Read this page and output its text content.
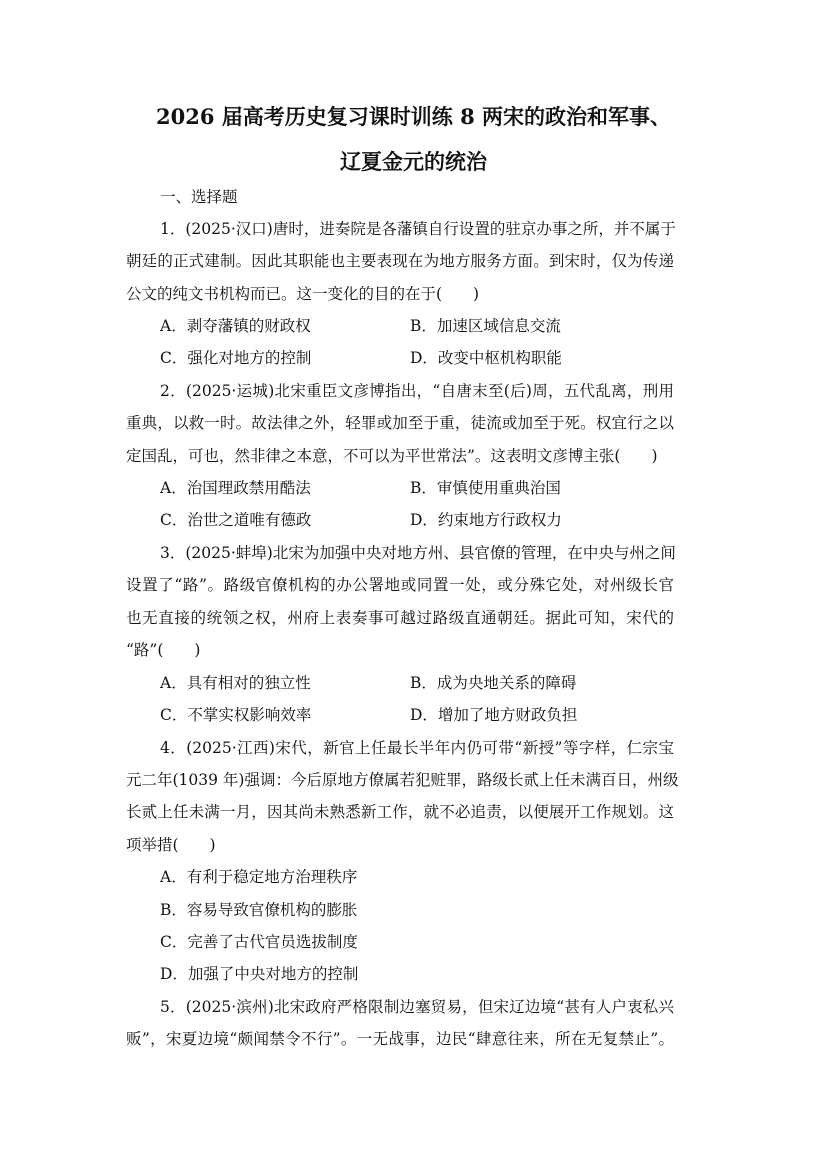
2026 届高考历史复习课时训练 8 两宋的政治和军事、
辽夏金元的统治
一、选择题
1．(2025·汉口)唐时，进奏院是各藩镇自行设置的驻京办事之所，并不属于
朝廷的正式建制。因此其职能也主要表现在为地方服务方面。到宋时，仅为传递
公文的纯文书机构而已。这一变化的目的在于(　　)
A．剥夺藩镇的财政权	B．加速区域信息交流
C．强化对地方的控制	D．改变中枢机构职能
2．(2025·运城)北宋重臣文彦博指出，“自唐末至(后)周，五代乱离，刑用
重典，以救一时。故法律之外，轻罪或加至于重，徒流或加至于死。权宜行之以
定国乱，可也，然非律之本意，不可以为平世常法”。这表明文彦博主张(　　)
A．治国理政禁用酷法	B．审慎使用重典治国
C．治世之道唯有德政	D．约束地方行政权力
3．(2025·蚌埠)北宋为加强中央对地方州、县官僚的管理，在中央与州之间
设置了“路”。路级官僚机构的办公署地或同置一处，或分殊它处，对州级长官
也无直接的统领之权，州府上表奏事可越过路级直通朝廷。据此可知，宋代的
“路”(　　)
A．具有相对的独立性	B．成为央地关系的障碍
C．不掌实权影响效率	D．增加了地方财政负担
4．(2025·江西)宋代，新官上任最长半年内仍可带“新授”等字样，仁宗宝
元二年(1039 年)强调：今后原地方僚属若犯赃罪，路级长贰上任未满百日，州级
长贰上任未满一月，因其尚未熟悉新工作，就不必追责，以便展开工作规划。这
项举措(　　)
A．有利于稳定地方治理秩序
B．容易导致官僚机构的膨胀
C．完善了古代官员选拔制度
D．加强了中央对地方的控制
5．(2025·滨州)北宋政府严格限制边塞贸易，但宋辽边境“甚有人户衷私兴
贩”，宋夏边境“颇闻禁令不行”。一无战事，边民“肆意往来，所在无复禁止”。
